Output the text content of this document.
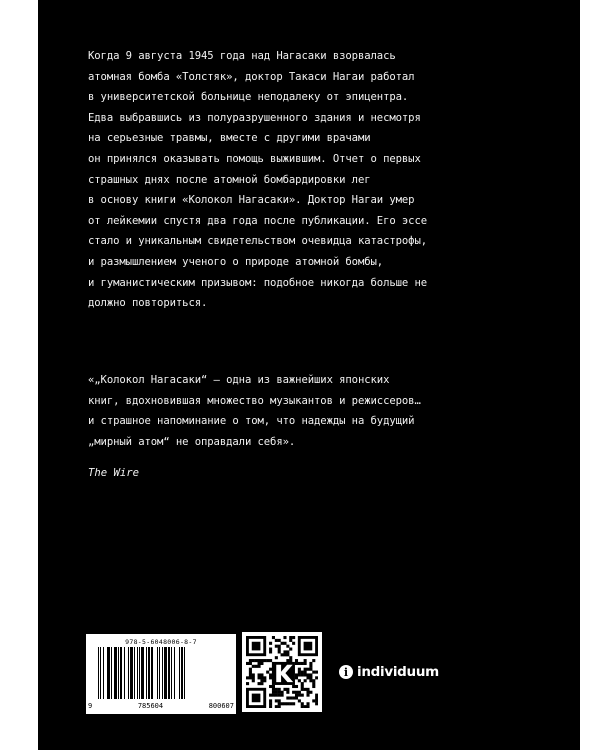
Когда 9 августа 1945 года над Нагасаки взорвалась
атомная бомба «Толстяк», доктор Такаси Нагаи работал
в университетской больнице неподалеку от эпицентра.
Едва выбравшись из полуразрушенного здания и несмотря
на серьезные травмы, вместе с другими врачами
он принялся оказывать помощь выжившим. Отчет о первых
страшных днях после атомной бомбардировки лег
в основу книги «Колокол Нагасаки». Доктор Нагаи умер
от лейкемии спустя два года после публикации. Его эссе
стало и уникальным свидетельством очевидца катастрофы,
и размышлением ученого о природе атомной бомбы,
и гуманистическим призывом: подобное никогда больше не
должно повториться.
«„Колокол Нагасаки“ — одна из важнейших японских
книг, вдохновившая множество музыкантов и режиссеров…
и страшное напоминание о том, что надежды на будущий
„мирный атом“ не оправдали себя».
The Wire
978-5-6048006-8-7
9	785604	800607
i individuum
